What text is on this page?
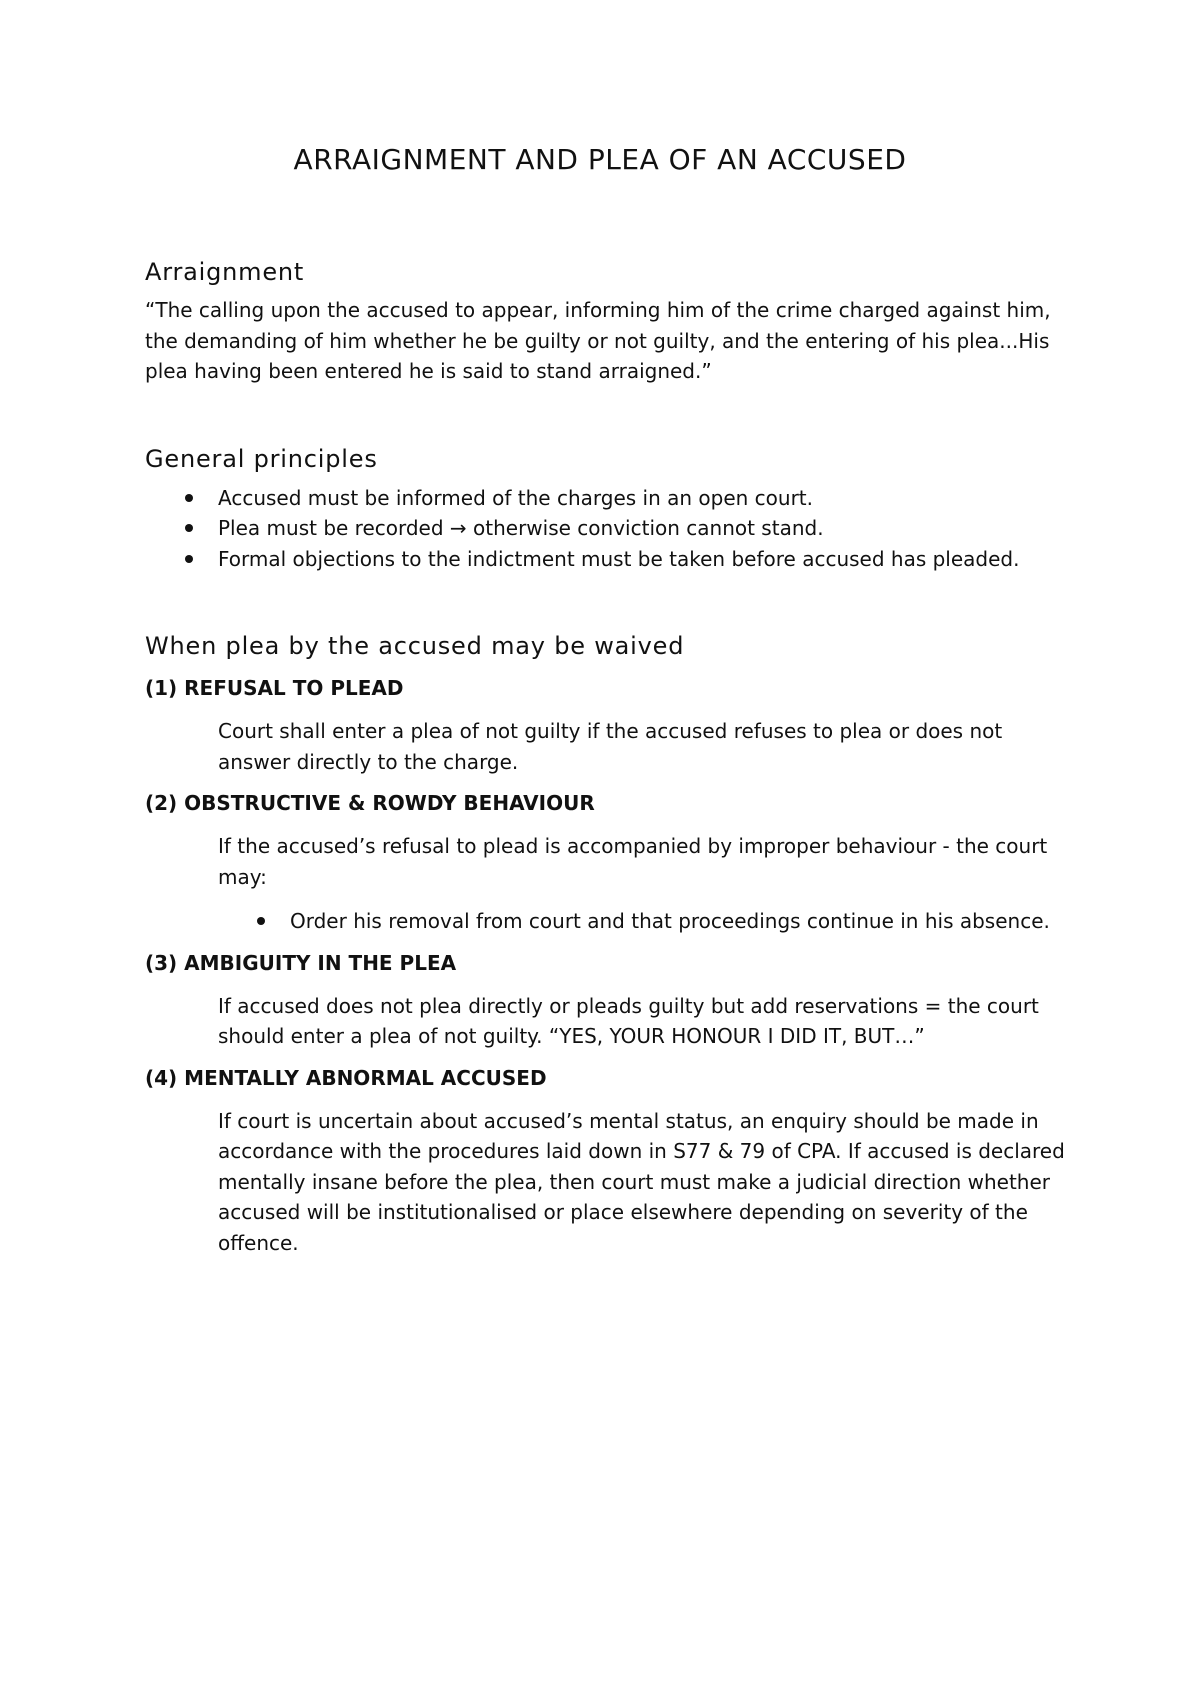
ARRAIGNMENT AND PLEA OF AN ACCUSED
Arraignment

“The calling upon the accused to appear, informing him of the crime charged against him, the demanding of him whether he be guilty or not guilty, and the entering of his plea...His plea having been entered he is said to stand arraigned.”

General principles
Accused must be informed of the charges in an open court.
Plea must be recorded → otherwise conviction cannot stand.
Formal objections to the indictment must be taken before accused has pleaded.
When plea by the accused may be waived
(1) REFUSAL TO PLEAD

Court shall enter a plea of not guilty if the accused refuses to plea or does not answer directly to the charge.

(2) OBSTRUCTIVE & ROWDY BEHAVIOUR

If the accused’s refusal to plead is accompanied by improper behaviour - the court may:

Order his removal from court and that proceedings continue in his absence.
(3) AMBIGUITY IN THE PLEA

If accused does not plea directly or pleads guilty but add reservations = the court should enter a plea of not guilty. “YES, YOUR HONOUR I DID IT, BUT…”

(4) MENTALLY ABNORMAL ACCUSED

If court is uncertain about accused’s mental status, an enquiry should be made in accordance with the procedures laid down in S77 & 79 of CPA. If accused is declared mentally insane before the plea, then court must make a judicial direction whether accused will be institutionalised or place elsewhere depending on severity of the offence.
